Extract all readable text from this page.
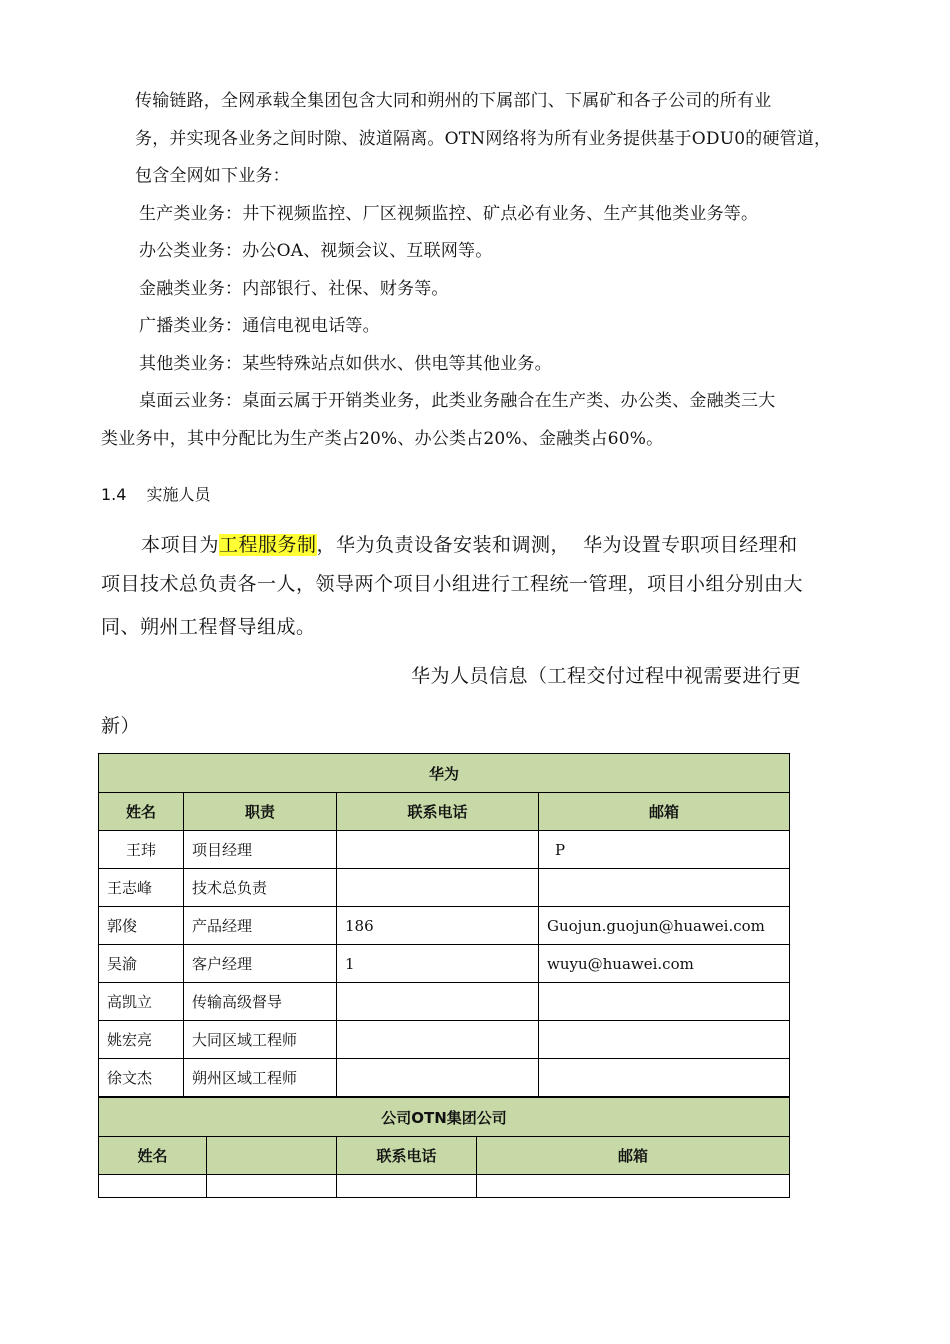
传输链路，全网承载全集团包含大同和朔州的下属部门、下属矿和各子公司的所有业
务，并实现各业务之间时隙、波道隔离。OTN网络将为所有业务提供基于ODU0的硬管道，
包含全网如下业务：
生产类业务：井下视频监控、厂区视频监控、矿点必有业务、生产其他类业务等。
办公类业务：办公OA、视频会议、互联网等。
金融类业务：内部银行、社保、财务等。
广播类业务：通信电视电话等。
其他类业务：某些特殊站点如供水、供电等其他业务。
桌面云业务：桌面云属于开销类业务，此类业务融合在生产类、办公类、金融类三大
类业务中，其中分配比为生产类占20%、办公类占20%、金融类占60%。
1.4 实施人员
本项目为工程服务制，华为负责设备安装和调测，  华为设置专职项目经理和
项目技术总负责各一人，领导两个项目小组进行工程统一管理，项目小组分别由大
同、朔州工程督导组成。
华为人员信息（工程交付过程中视需要进行更
新）
华为			
姓名	职责	联系电话	邮箱
王玮	项目经理		P
王志峰	技术总负责		
郭俊	产品经理	186	Guojun.guojun@huawei.com
吴渝	客户经理	1	wuyu@huawei.com
高凯立	传输高级督导		
姚宏亮	大同区域工程师		
徐文杰	朔州区域工程师		
公司OTN集团公司			
姓名		联系电话	邮箱
